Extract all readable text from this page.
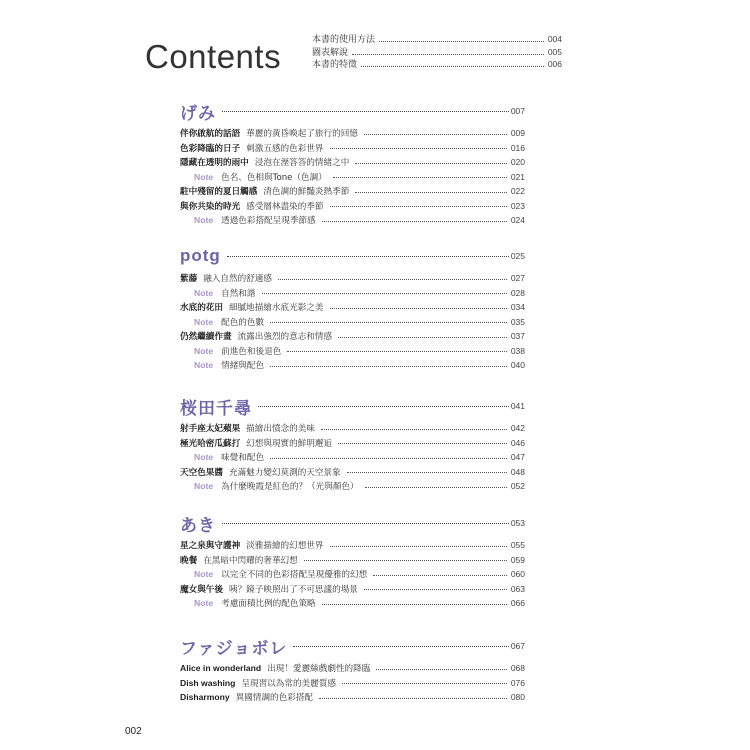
Contents	本書的使用方法	004
圖表解說	005
本書的特徵	006
げみ	007
伴你啟航的話語 華麗的黃昏喚起了旅行的回憶	009
色彩降臨的日子 刺激五感的色彩世界	016
隱藏在透明的雨中 浸泡在溼答答的情緒之中	020
Note 色名、色相與Tone（色調）	021
駐中殘留的夏日觸感 清色調的鮮豔炎熱季節	022
與你共染的時光 感受層林盡染的季節	023
Note 透過色彩搭配呈現季節感	024
potg	025
紫藤 融入自然的舒適感	027
Note 自然和諧	028
水底的花田 細膩地描繪水底光影之美	034
Note 配色的色數	035
仍然繼續作畫 流露出強烈的意志和情感	037
Note 前進色和後退色	038
Note 情緒與配色	040
桜田千尋	041
射手座太妃蘋果 描繪出憤念的美味	042
極光哈密瓜蘇打 幻想與現實的鮮明邂逅	046
Note 味覺和配色	047
天空色果醬 充滿魅力變幻莫測的天空景象	048
Note 為什麼晚霞是紅色的？（光與顏色）	052
あき	053
星之泉與守護神 淡雅描繪的幻想世界	055
晚餐 在黑暗中閃耀的奢華幻想	059
Note 以完全不同的色彩搭配呈現優雅的幻想	060
魔女與午後 咦？鏡子映照出了不可思議的場景	063
Note 考慮面積比例的配色策略	066
ファジョボレ	067
Alice in wonderland 出現！愛麗絲戲劇性的降臨	068
Dish washing 呈現習以為常的美麗質感	076
Disharmony 異國情調的色彩搭配	080
002
